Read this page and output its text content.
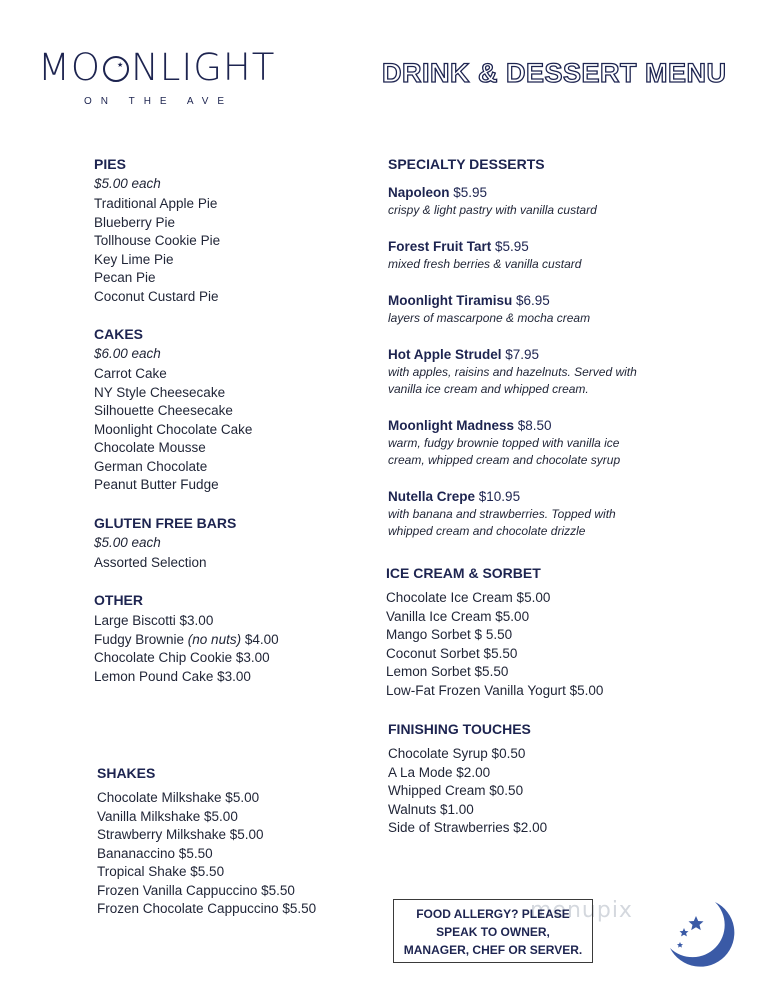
MO ★ NLIGHT
ON THE AVE
DRINK & DESSERT MENU
PIES
$5.00 each
Traditional Apple Pie
Blueberry Pie
Tollhouse Cookie Pie
Key Lime Pie
Pecan Pie
Coconut Custard Pie
CAKES
$6.00 each
Carrot Cake
NY Style Cheesecake
Silhouette Cheesecake
Moonlight Chocolate Cake
Chocolate Mousse
German Chocolate
Peanut Butter Fudge
GLUTEN FREE BARS
$5.00 each
Assorted Selection
OTHER
Large Biscotti $3.00
Fudgy Brownie (no nuts) $4.00
Chocolate Chip Cookie $3.00
Lemon Pound Cake $3.00
SHAKES
Chocolate Milkshake $5.00
Vanilla Milkshake $5.00
Strawberry Milkshake $5.00
Bananaccino $5.50
Tropical Shake $5.50
Frozen Vanilla Cappuccino $5.50
Frozen Chocolate Cappuccino $5.50
SPECIALTY DESSERTS
Napoleon $5.95
crispy & light pastry with vanilla custard
Forest Fruit Tart $5.95
mixed fresh berries & vanilla custard
Moonlight Tiramisu $6.95
layers of mascarpone & mocha cream
Hot Apple Strudel $7.95
with apples, raisins and hazelnuts. Served with vanilla ice cream and whipped cream.
Moonlight Madness $8.50
warm, fudgy brownie topped with vanilla ice cream, whipped cream and chocolate syrup
Nutella Crepe $10.95
with banana and strawberries. Topped with whipped cream and chocolate drizzle
ICE CREAM & SORBET
Chocolate Ice Cream $5.00
Vanilla Ice Cream $5.00
Mango Sorbet $ 5.50
Coconut Sorbet $5.50
Lemon Sorbet $5.50
Low-Fat Frozen Vanilla Yogurt $5.00
FINISHING TOUCHES
Chocolate Syrup $0.50
A La Mode $2.00
Whipped Cream $0.50
Walnuts $1.00
Side of Strawberries $2.00
menupix
FOOD ALLERGY? PLEASE
SPEAK TO OWNER,
MANAGER, CHEF OR SERVER.
